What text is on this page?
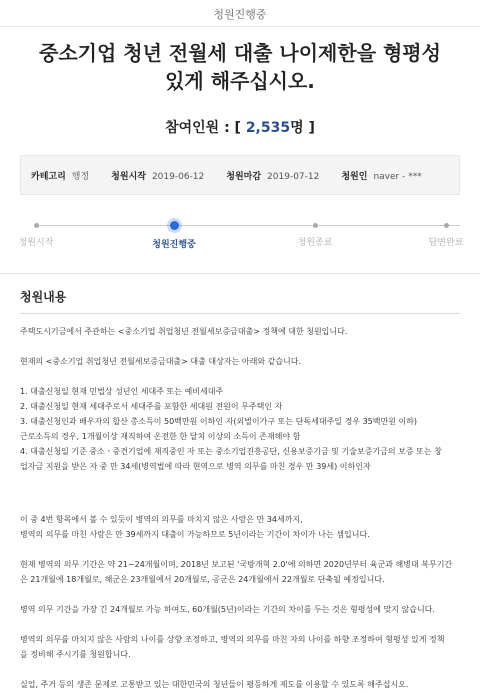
청원진행중
중소기업 청년 전월세 대출 나이제한을 형평성 있게 해주십시오.
참여인원 : [ 2,535명 ]
카테고리 행정 청원시작 2019-06-12 청원마감 2019-07-12 청원인 naver - ***
청원시작	청원진행중	청원종료	답변완료
청원내용

주택도시기금에서 주관하는 <중소기업 취업청년 전월세보증금대출> 정책에 대한 청원입니다.

현재의 <중소기업 취업청년 전월세보증금대출> 대출 대상자는 아래와 같습니다.

1. 대출신청일 현재 민법상 성년인 세대주 또는 예비세대주

2. 대출신청일 현재 세대주로서 세대주를 포함한 세대원 전원이 무주택인 자

3. 대출신청인과 배우자의 합산 총소득이 50백만원 이하인 자(외벌이가구 또는 단독세대주일 경우 35백만원 이하)

근로소득의 경우, 1개월이상 재직하여 온전한 한 달치 이상의 소득이 존재해야 함

4. 대출신청일 기준 중소ㆍ중견기업에 재직중인 자 또는 중소기업진흥공단, 신용보증기금 및 기술보증기금의 보증 또는 창

업자금 지원을 받은 자 중 만 34세(병역법에 따라 현역으로 병역 의무를 마친 경우 만 39세) 이하인자

이 중 4번 항목에서 볼 수 있듯이 병역의 의무를 마치지 않은 사람은 만 34세까지,

병역의 의무를 마친 사람은 만 39세까지 대출이 가능하므로 5년이라는 기간이 차이가 나는 셈입니다.

현재 병역의 의무 기간은 약 21~24개월이며, 2018년 보고된 '국방개혁 2.0'에 의하면 2020년부터 육군과 해병대 복무기간

은 21개월에 18개월로, 해군은 23개월에서 20개월로, 공군은 24개월에서 22개월로 단축될 예정입니다.

병역 의무 기간을 가장 긴 24개월로 가능 하여도, 60개월(5년)이라는 기간의 차이를 두는 것은 형평성에 맞지 않습니다.

병역의 의무를 마치지 않은 사람의 나이를 상향 조정하고, 병역의 의무를 마친 자의 나이를 하향 조정하여 형평성 있게 정책

을 정비해 주시기를 청원합니다.

실업, 주거 등의 생존 문제로 고통받고 있는 대한민국의 청년들이 평등하게 제도를 이용할 수 있도록 해주십시오.
